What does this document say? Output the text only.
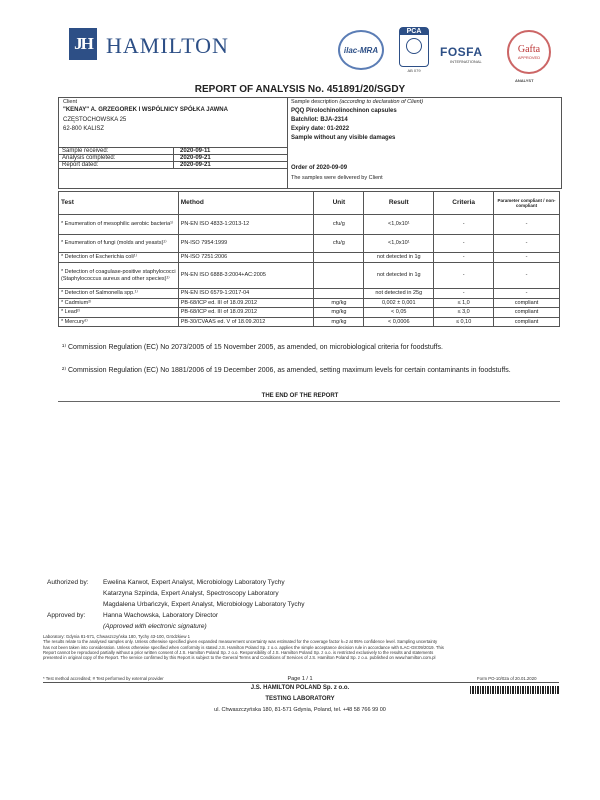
JH HAMILTON	ilac-MRA
PCA
AB 079
FOSFA
INTERNATIONAL
Gafta
APPROVED
ANALYST
REPORT OF ANALYSIS No. 451891/20/SGDY
Client
"KENAY" A. GRZEGOREK I WSPÓLNICY SPÓŁKA JAWNA
CZĘSTOCHOWSKA 25
62-800 KALISZ
Sample received:	2020-09-11
Analysis completed:	2020-09-21
Report dated:	2020-09-21
Sample description (according to declaration of Client)
PQQ Pirolochinolinochinon capsules
Batch/lot: BJA-2314
Expiry date: 01-2022
Sample without any visible damages
Order of 2020-09-09
The samples were delivered by Client
Test	Method	Unit	Result	Criteria	Parameter compliant / non-compliant
* Enumeration of mesophilic aerobic bacteria¹⁾	PN-EN ISO 4833-1:2013-12	cfu/g	<1,0x10¹	-	-
* Enumeration of fungi (molds and yeasts)¹⁾	PN-ISO 7954:1999	cfu/g	<1,0x10¹	-	-
* Detection of Escherichia coli¹⁾	PN-ISO 7251:2006		not detected in 1g	-	-
* Detection of coagulase-positive staphylococci (Staphylococcus aureus and other species)¹⁾	PN-EN ISO 6888-3:2004+AC:2005		not detected in 1g	-	-
* Detection of Salmonella spp.¹⁾	PN-EN ISO 6579-1:2017-04		not detected in 25g	-	-
* Cadmium²⁾	PB-68/ICP ed. III of 18.09.2012	mg/kg	0,002 ± 0,001	≤ 1,0	compliant
* Lead²⁾	PB-68/ICP ed. III of 18.09.2012	mg/kg	< 0,05	≤ 3,0	compliant
* Mercury²⁾	PB-30/CVAAS ed. V of 18.09.2012	mg/kg	< 0,0006	≤ 0,10	compliant
¹⁾ Commission Regulation (EC) No 2073/2005 of 15 November 2005, as amended, on microbiological criteria for foodstuffs.
²⁾ Commission Regulation (EC) No 1881/2006 of 19 December 2006, as amended, setting maximum levels for certain contaminants in foodstuffs.
THE END OF THE REPORT
Authorized by: Ewelina Karwot, Expert Analyst, Microbiology Laboratory Tychy
Katarzyna Szpinda, Expert Analyst, Spectroscopy Laboratory
Magdalena Urbańczyk, Expert Analyst, Microbiology Laboratory Tychy
Approved by:	Hanna Wachowska, Laboratory Director
(Approved with electronic signature)
Laboratory: Gdynia 81-571, Chwaszczyńska 180, Tychy 43-100, Grödzkiew 1
The results relate to the analysed samples only. Unless otherwise specified given expanded measurement uncertainty was estimated for the coverage factor k=2 at 95% confidence level. Sampling uncertainty
has not been taken into consideration. Unless otherwise specified when conformity is stated J.S. Hamilton Poland Sp. z o.o. applies the simple acceptance decision rule in accordance with ILAC-G8:09/2019. This
Report cannot be reproduced partially without a prior written consent of J.S. Hamilton Poland Sp. z o.o. Responsibility of J.S. Hamilton Poland Sp. z o.o. is restricted exclusively to the results and statements
presented in original copy of the Report. The service confirmed by this Report is subject to the General Terms and Conditions of Services of J.S. Hamilton Poland Sp. z o.o. published on www.hamilton.com.pl
* Test method accredited; # Test performed by external provider	Form PO-10/02a of 20.01.2020
Page 1 / 1
J.S. HAMILTON POLAND Sp. z o.o.
TESTING LABORATORY
ul. Chwaszczyńska 180, 81-571 Gdynia, Poland, tel. +48 58 766 99 00
